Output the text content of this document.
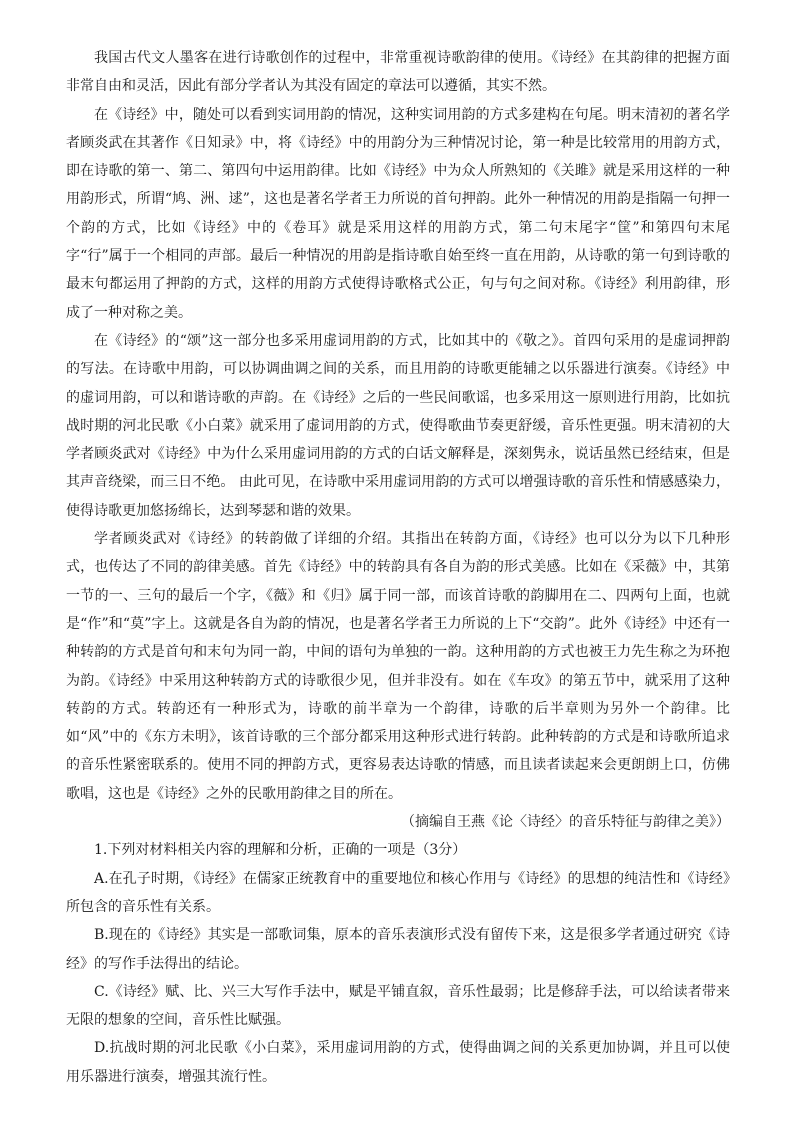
我国古代文人墨客在进行诗歌创作的过程中，非常重视诗歌韵律的使用。《诗经》在其韵律的把握方面非常自由和灵活，因此有部分学者认为其没有固定的章法可以遵循，其实不然。

在《诗经》中，随处可以看到实词用韵的情况，这种实词用韵的方式多建构在句尾。明末清初的著名学者顾炎武在其著作《日知录》中，将《诗经》中的用韵分为三种情况讨论，第一种是比较常用的用韵方式，即在诗歌的第一、第二、第四句中运用韵律。比如《诗经》中为众人所熟知的《关雎》就是采用这样的一种用韵形式，所谓“鸠、洲、逑”，这也是著名学者王力所说的首句押韵。此外一种情况的用韵是指隔一句押一个韵的方式，比如《诗经》中的《卷耳》就是采用这样的用韵方式，第二句末尾字“筐”和第四句末尾字“行”属于一个相同的声部。最后一种情况的用韵是指诗歌自始至终一直在用韵，从诗歌的第一句到诗歌的最末句都运用了押韵的方式，这样的用韵方式使得诗歌格式公正，句与句之间对称。《诗经》利用韵律，形成了一种对称之美。

在《诗经》的“颂”这一部分也多采用虚词用韵的方式，比如其中的《敬之》。首四句采用的是虚词押韵的写法。在诗歌中用韵，可以协调曲调之间的关系，而且用韵的诗歌更能辅之以乐器进行演奏。《诗经》中的虚词用韵，可以和谐诗歌的声韵。在《诗经》之后的一些民间歌谣，也多采用这一原则进行用韵，比如抗战时期的河北民歌《小白菜》就采用了虚词用韵的方式，使得歌曲节奏更舒缓，音乐性更强。明末清初的大学者顾炎武对《诗经》中为什么采用虚词用韵的方式的白话文解释是，深刻隽永，说话虽然已经结束，但是其声音绕梁，而三日不绝。 由此可见，在诗歌中采用虚词用韵的方式可以增强诗歌的音乐性和情感感染力，使得诗歌更加悠扬绵长，达到琴瑟和谐的效果。

学者顾炎武对《诗经》的转韵做了详细的介绍。其指出在转韵方面，《诗经》也可以分为以下几种形式，也传达了不同的韵律美感。首先《诗经》中的转韵具有各自为韵的形式美感。比如在《采薇》中，其第一节的一、三句的最后一个字，《薇》和《归》属于同一部，而该首诗歌的韵脚用在二、四两句上面，也就是“作”和“莫”字上。这就是各自为韵的情况，也是著名学者王力所说的上下“交韵”。此外《诗经》中还有一种转韵的方式是首句和末句为同一韵，中间的语句为单独的一韵。这种用韵的方式也被王力先生称之为环抱为韵。《诗经》中采用这种转韵方式的诗歌很少见，但并非没有。如在《车攻》的第五节中，就采用了这种转韵的方式。转韵还有一种形式为，诗歌的前半章为一个韵律，诗歌的后半章则为另外一个韵律。比如“风”中的《东方未明》，该首诗歌的三个部分都采用这种形式进行转韵。此种转韵的方式是和诗歌所追求的音乐性紧密联系的。使用不同的押韵方式，更容易表达诗歌的情感，而且读者读起来会更朗朗上口，仿佛歌唱，这也是《诗经》之外的民歌用韵律之目的所在。

（摘编自王燕《论〈诗经〉的音乐特征与韵律之美》）

1.下列对材料相关内容的理解和分析，正确的一项是（3分）

A.在孔子时期，《诗经》在儒家正统教育中的重要地位和核心作用与《诗经》的思想的纯洁性和《诗经》所包含的音乐性有关系。

B.现在的《诗经》其实是一部歌词集，原本的音乐表演形式没有留传下来，这是很多学者通过研究《诗经》的写作手法得出的结论。

C.《诗经》赋、比、兴三大写作手法中，赋是平铺直叙，音乐性最弱；比是修辞手法，可以给读者带来无限的想象的空间，音乐性比赋强。

D.抗战时期的河北民歌《小白菜》，采用虚词用韵的方式，使得曲调之间的关系更加协调，并且可以使用乐器进行演奏，增强其流行性。
